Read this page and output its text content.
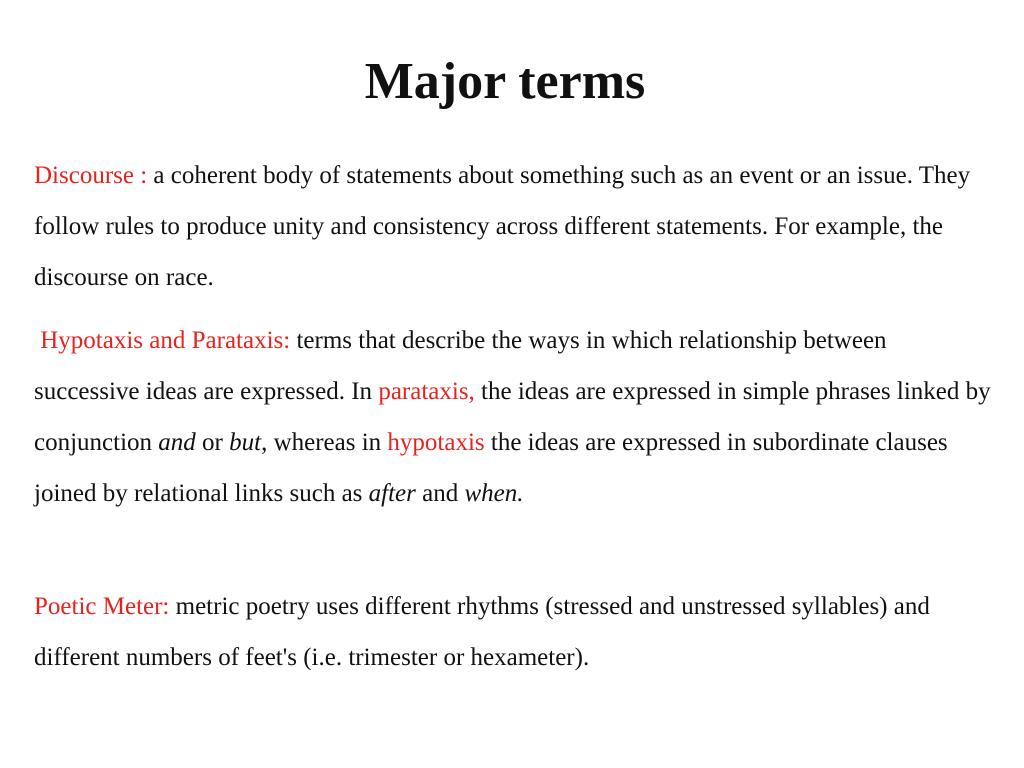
Major terms

Discourse : a coherent body of statements about something such as an event or an issue. They follow rules to produce unity and consistency across different statements. For example, the discourse on race.

Hypotaxis and Parataxis: terms that describe the ways in which relationship between successive ideas are expressed. In parataxis, the ideas are expressed in simple phrases linked by conjunction and or but, whereas in hypotaxis the ideas are expressed in subordinate clauses joined by relational links such as after and when.

Poetic Meter: metric poetry uses different rhythms (stressed and unstressed syllables) and different numbers of feet's (i.e. trimester or hexameter).
